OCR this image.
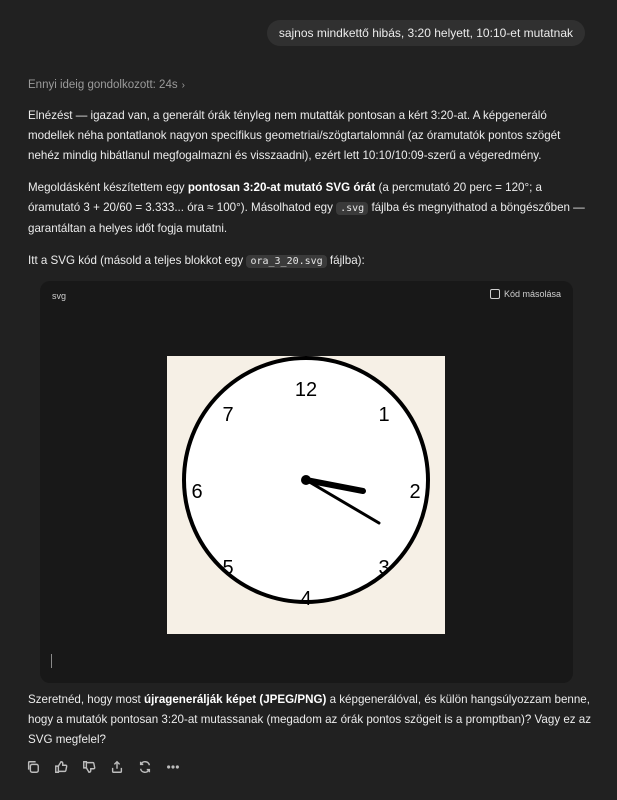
sajnos mindkettő hibás, 3:20 helyett, 10:10-et mutatnak
Ennyi ideig gondolkozott: 24s ›

Elnézést — igazad van, a generált órák tényleg nem mutatták pontosan a kért 3:20-at. A képgeneráló modellek néha pontatlanok nagyon specifikus geometriai/szögtartalomnál (az óramutatók pontos szögét nehéz mindig hibátlanul megfogalmazni és visszaadni), ezért lett 10:10/10:09-szerű a végeredmény.

Megoldásként készítettem egy pontosan 3:20-at mutató SVG órát (a percmutató 20 perc = 120°; a óramutató 3 + 20/60 = 3.333... óra ≈ 100°). Másolhatod egy .svg fájlba és megnyithatod a böngészőben — garantáltan a helyes időt fogja mutatni.

Itt a SVG kód (másold a teljes blokkot egy ora_3_20.svg fájlba):

svg	Kód másolása
12
1
2
3
4
5
6
7

Szeretnéd, hogy most újragenerálják képet (JPEG/PNG) a képgenerálóval, és külön hangsúlyozzam benne, hogy a mutatók pontosan 3:20-at mutassanak (megadom az órák pontos szögeit is a promptban)? Vagy ez az SVG megfelel?
